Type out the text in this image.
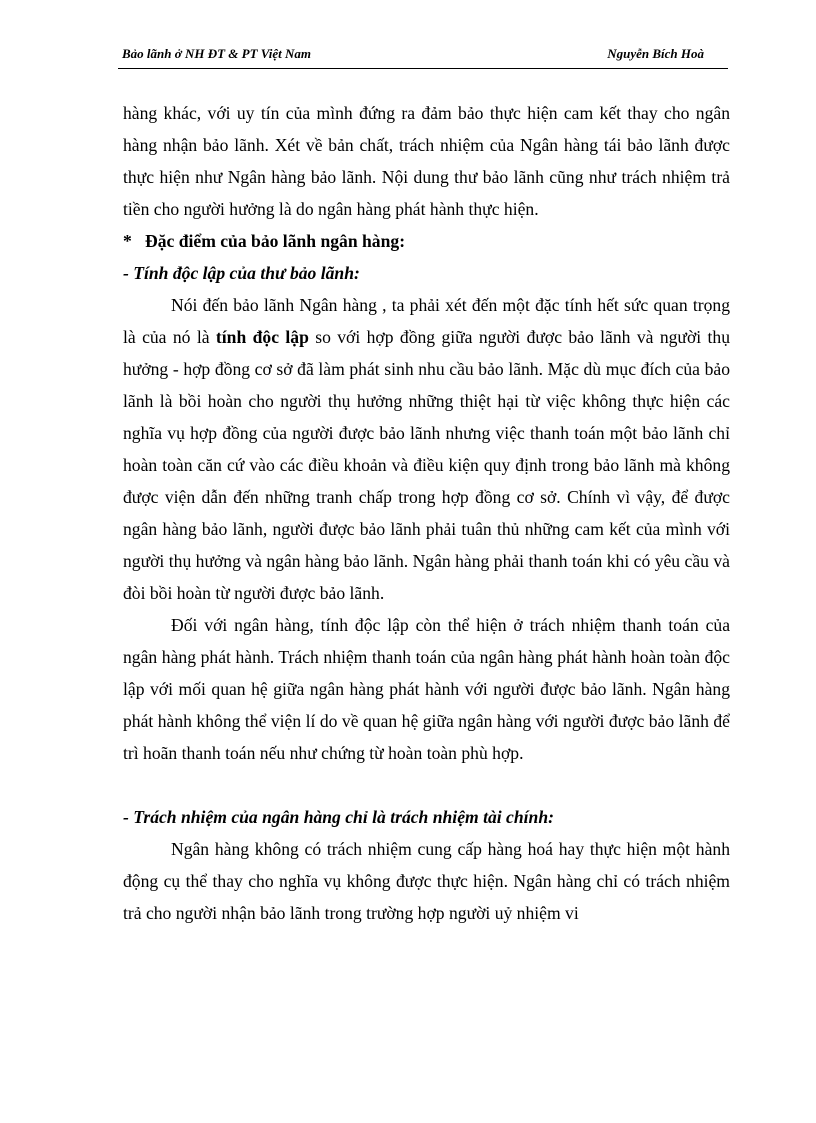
Bảo lãnh ở NH ĐT & PT Việt Nam	Nguyễn Bích Hoà

hàng khác, với uy tín của mình đứng ra đảm bảo thực hiện cam kết thay cho ngân hàng nhận bảo lãnh. Xét về bản chất, trách nhiệm của Ngân hàng tái bảo lãnh được thực hiện như Ngân hàng bảo lãnh. Nội dung thư bảo lãnh cũng như trách nhiệm trả tiền cho người hưởng là do ngân hàng phát hành thực hiện.

* Đặc điểm của bảo lãnh ngân hàng:

- Tính độc lập của thư bảo lãnh:

Nói đến bảo lãnh Ngân hàng , ta phải xét đến một đặc tính hết sức quan trọng là của nó là tính độc lập so với hợp đồng giữa người được bảo lãnh và người thụ hưởng - hợp đồng cơ sở đã làm phát sinh nhu cầu bảo lãnh. Mặc dù mục đích của bảo lãnh là bồi hoàn cho người thụ hưởng những thiệt hại từ việc không thực hiện các nghĩa vụ hợp đồng của người được bảo lãnh nhưng việc thanh toán một bảo lãnh chỉ hoàn toàn căn cứ vào các điều khoản và điều kiện quy định trong bảo lãnh mà không được viện dẫn đến những tranh chấp trong hợp đồng cơ sở. Chính vì vậy, để được ngân hàng bảo lãnh, người được bảo lãnh phải tuân thủ những cam kết của mình với người thụ hưởng và ngân hàng bảo lãnh. Ngân hàng phải thanh toán khi có yêu cầu và đòi bồi hoàn từ người được bảo lãnh.

Đối với ngân hàng, tính độc lập còn thể hiện ở trách nhiệm thanh toán của ngân hàng phát hành. Trách nhiệm thanh toán của ngân hàng phát hành hoàn toàn độc lập với mối quan hệ giữa ngân hàng phát hành với người được bảo lãnh. Ngân hàng phát hành không thể viện lí do về quan hệ giữa ngân hàng với người được bảo lãnh để trì hoãn thanh toán nếu như chứng từ hoàn toàn phù hợp.

- Trách nhiệm của ngân hàng chỉ là trách nhiệm tài chính:

Ngân hàng không có trách nhiệm cung cấp hàng hoá hay thực hiện một hành động cụ thể thay cho nghĩa vụ không được thực hiện. Ngân hàng chỉ có trách nhiệm trả cho người nhận bảo lãnh trong trường hợp người uỷ nhiệm vi
